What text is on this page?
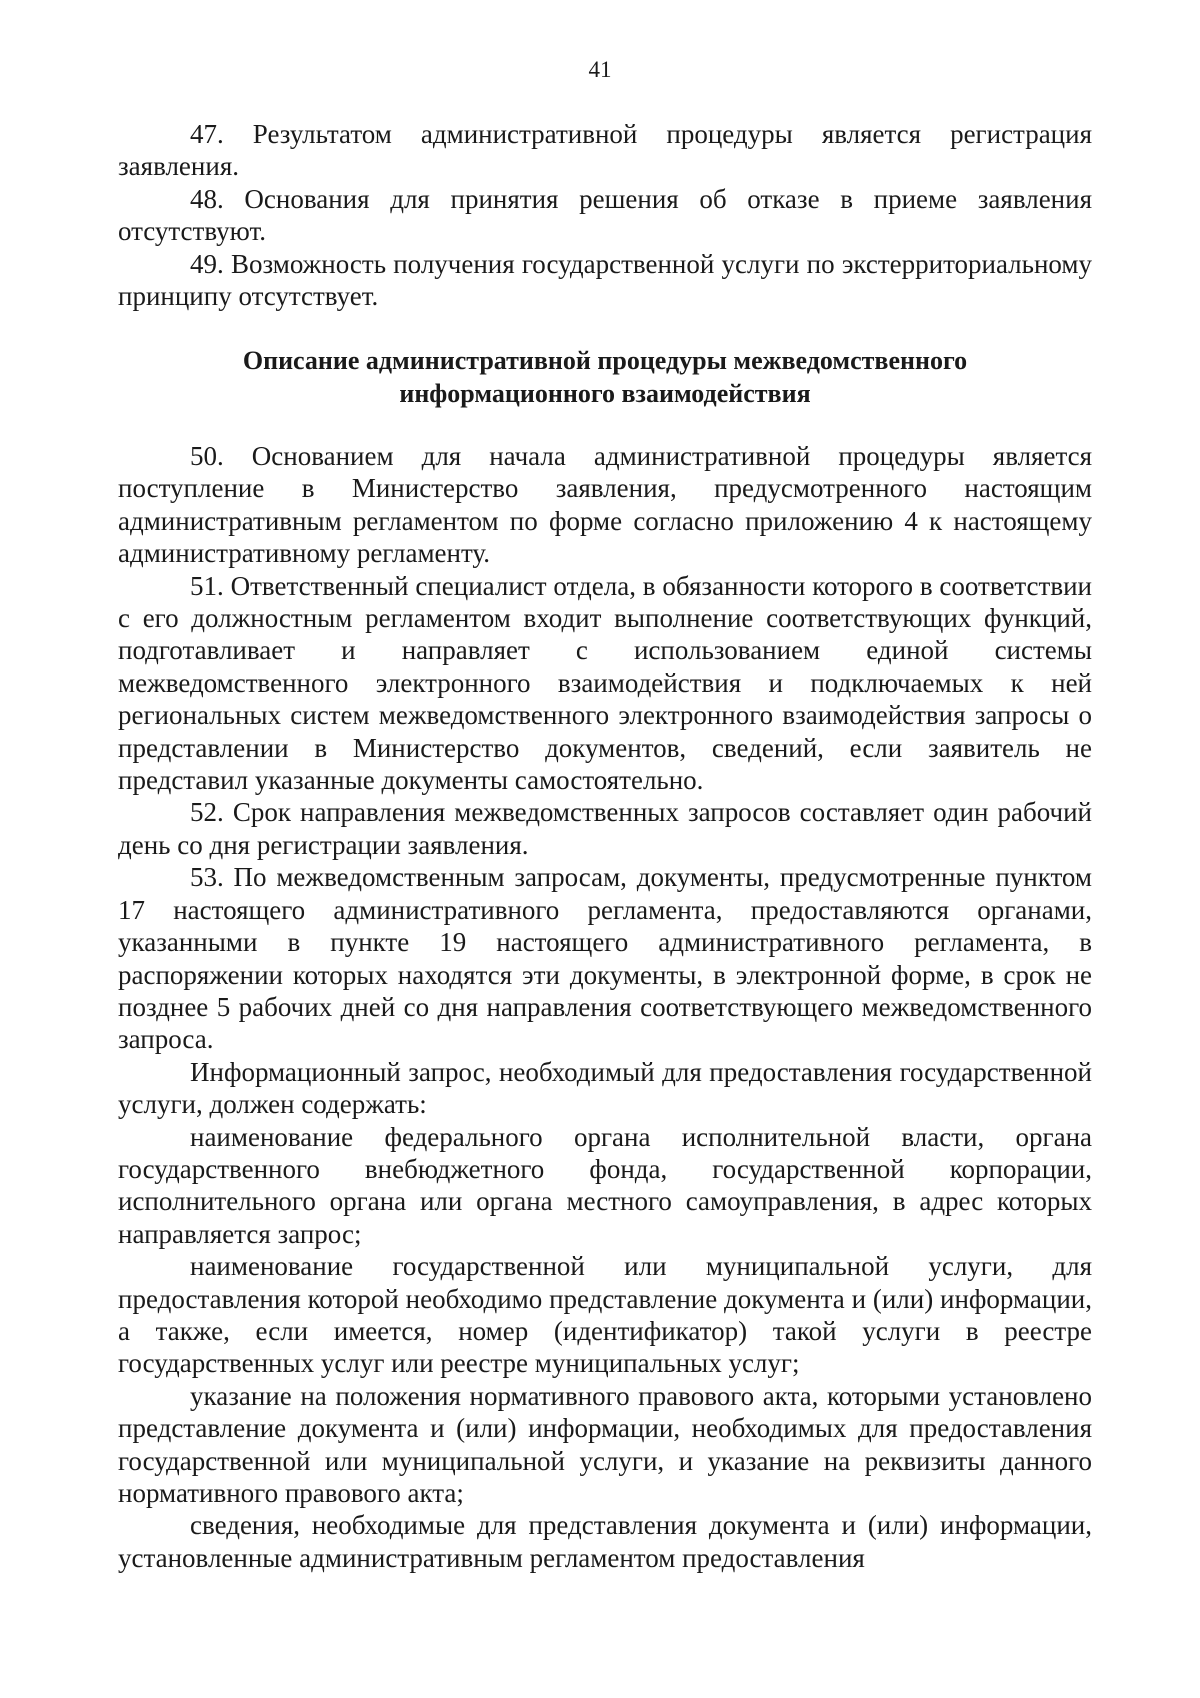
41

47. Результатом административной процедуры является регистрация заявления.

48. Основания для принятия решения об отказе в приеме заявления отсутствуют.

49. Возможность получения государственной услуги по экстерриториальному принципу отсутствует.

Описание административной процедуры межведомственного

информационного взаимодействия

50. Основанием для начала административной процедуры является поступление в Министерство заявления, предусмотренного настоящим административным регламентом по форме согласно приложению 4 к настоящему административному регламенту.

51. Ответственный специалист отдела, в обязанности которого в соответствии с его должностным регламентом входит выполнение соответствующих функций, подготавливает и направляет с использованием единой системы межведомственного электронного взаимодействия и подключаемых к ней региональных систем межведомственного электронного взаимодействия запросы о представлении в Министерство документов, сведений, если заявитель не представил указанные документы самостоятельно.

52. Срок направления межведомственных запросов составляет один рабочий день со дня регистрации заявления.

53. По межведомственным запросам, документы, предусмотренные пунктом 17 настоящего административного регламента, предоставляются органами, указанными в пункте 19 настоящего административного регламента, в распоряжении которых находятся эти документы, в электронной форме, в срок не позднее 5 рабочих дней со дня направления соответствующего межведомственного запроса.

Информационный запрос, необходимый для предоставления государственной услуги, должен содержать:

наименование федерального органа исполнительной власти, органа государственного внебюджетного фонда, государственной корпорации, исполнительного органа или органа местного самоуправления, в адрес которых направляется запрос;

наименование государственной или муниципальной услуги, для предоставления которой необходимо представление документа и (или) информации, а также, если имеется, номер (идентификатор) такой услуги в реестре государственных услуг или реестре муниципальных услуг;

указание на положения нормативного правового акта, которыми установлено представление документа и (или) информации, необходимых для предоставления государственной или муниципальной услуги, и указание на реквизиты данного нормативного правового акта;

сведения, необходимые для представления документа и (или) информации, установленные административным регламентом предоставления
